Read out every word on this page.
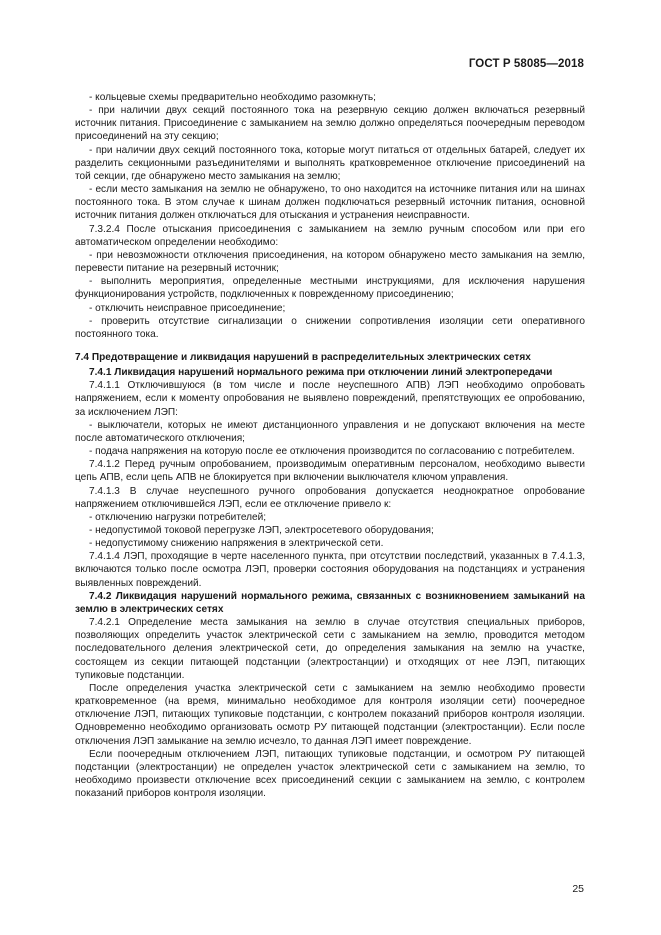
ГОСТ Р 58085—2018

- кольцевые схемы предварительно необходимо разомкнуть;

- при наличии двух секций постоянного тока на резервную секцию должен включаться резервный источник питания. Присоединение с замыканием на землю должно определяться поочередным переводом присоединений на эту секцию;

- при наличии двух секций постоянного тока, которые могут питаться от отдельных батарей, следует их разделить секционными разъединителями и выполнять кратковременное отключение присоединений на той секции, где обнаружено место замыкания на землю;

- если место замыкания на землю не обнаружено, то оно находится на источнике питания или на шинах постоянного тока. В этом случае к шинам должен подключаться резервный источник питания, основной источник питания должен отключаться для отыскания и устранения неисправности.

7.3.2.4 После отыскания присоединения с замыканием на землю ручным способом или при его автоматическом определении необходимо:

- при невозможности отключения присоединения, на котором обнаружено место замыкания на землю, перевести питание на резервный источник;

- выполнить мероприятия, определенные местными инструкциями, для исключения нарушения функционирования устройств, подключенных к поврежденному присоединению;

- отключить неисправное присоединение;

- проверить отсутствие сигнализации о снижении сопротивления изоляции сети оперативного постоянного тока.

7.4 Предотвращение и ликвидация нарушений в распределительных электрических сетях

7.4.1 Ликвидация нарушений нормального режима при отключении линий электропередачи

7.4.1.1 Отключившуюся (в том числе и после неуспешного АПВ) ЛЭП необходимо опробовать напряжением, если к моменту опробования не выявлено повреждений, препятствующих ее опробованию, за исключением ЛЭП:

- выключатели, которых не имеют дистанционного управления и не допускают включения на месте после автоматического отключения;

- подача напряжения на которую после ее отключения производится по согласованию с потребителем.

7.4.1.2 Перед ручным опробованием, производимым оперативным персоналом, необходимо вывести цепь АПВ, если цепь АПВ не блокируется при включении выключателя ключом управления.

7.4.1.3 В случае неуспешного ручного опробования допускается неоднократное опробование напряжением отключившейся ЛЭП, если ее отключение привело к:

- отключению нагрузки потребителей;

- недопустимой токовой перегрузке ЛЭП, электросетевого оборудования;

- недопустимому снижению напряжения в электрической сети.

7.4.1.4 ЛЭП, проходящие в черте населенного пункта, при отсутствии последствий, указанных в 7.4.1.3, включаются только после осмотра ЛЭП, проверки состояния оборудования на подстанциях и устранения выявленных повреждений.

7.4.2 Ликвидация нарушений нормального режима, связанных с возникновением замыканий на землю в электрических сетях

7.4.2.1 Определение места замыкания на землю в случае отсутствия специальных приборов, позволяющих определить участок электрической сети с замыканием на землю, проводится методом последовательного деления электрической сети, до определения замыкания на землю на участке, состоящем из секции питающей подстанции (электростанции) и отходящих от нее ЛЭП, питающих тупиковые подстанции.

После определения участка электрической сети с замыканием на землю необходимо провести кратковременное (на время, минимально необходимое для контроля изоляции сети) поочередное отключение ЛЭП, питающих тупиковые подстанции, с контролем показаний приборов контроля изоляции. Одновременно необходимо организовать осмотр РУ питающей подстанции (электростанции). Если после отключения ЛЭП замыкание на землю исчезло, то данная ЛЭП имеет повреждение.

Если поочередным отключением ЛЭП, питающих тупиковые подстанции, и осмотром РУ питающей подстанции (электростанции) не определен участок электрической сети с замыканием на землю, то необходимо произвести отключение всех присоединений секции с замыканием на землю, с контролем показаний приборов контроля изоляции.

25
